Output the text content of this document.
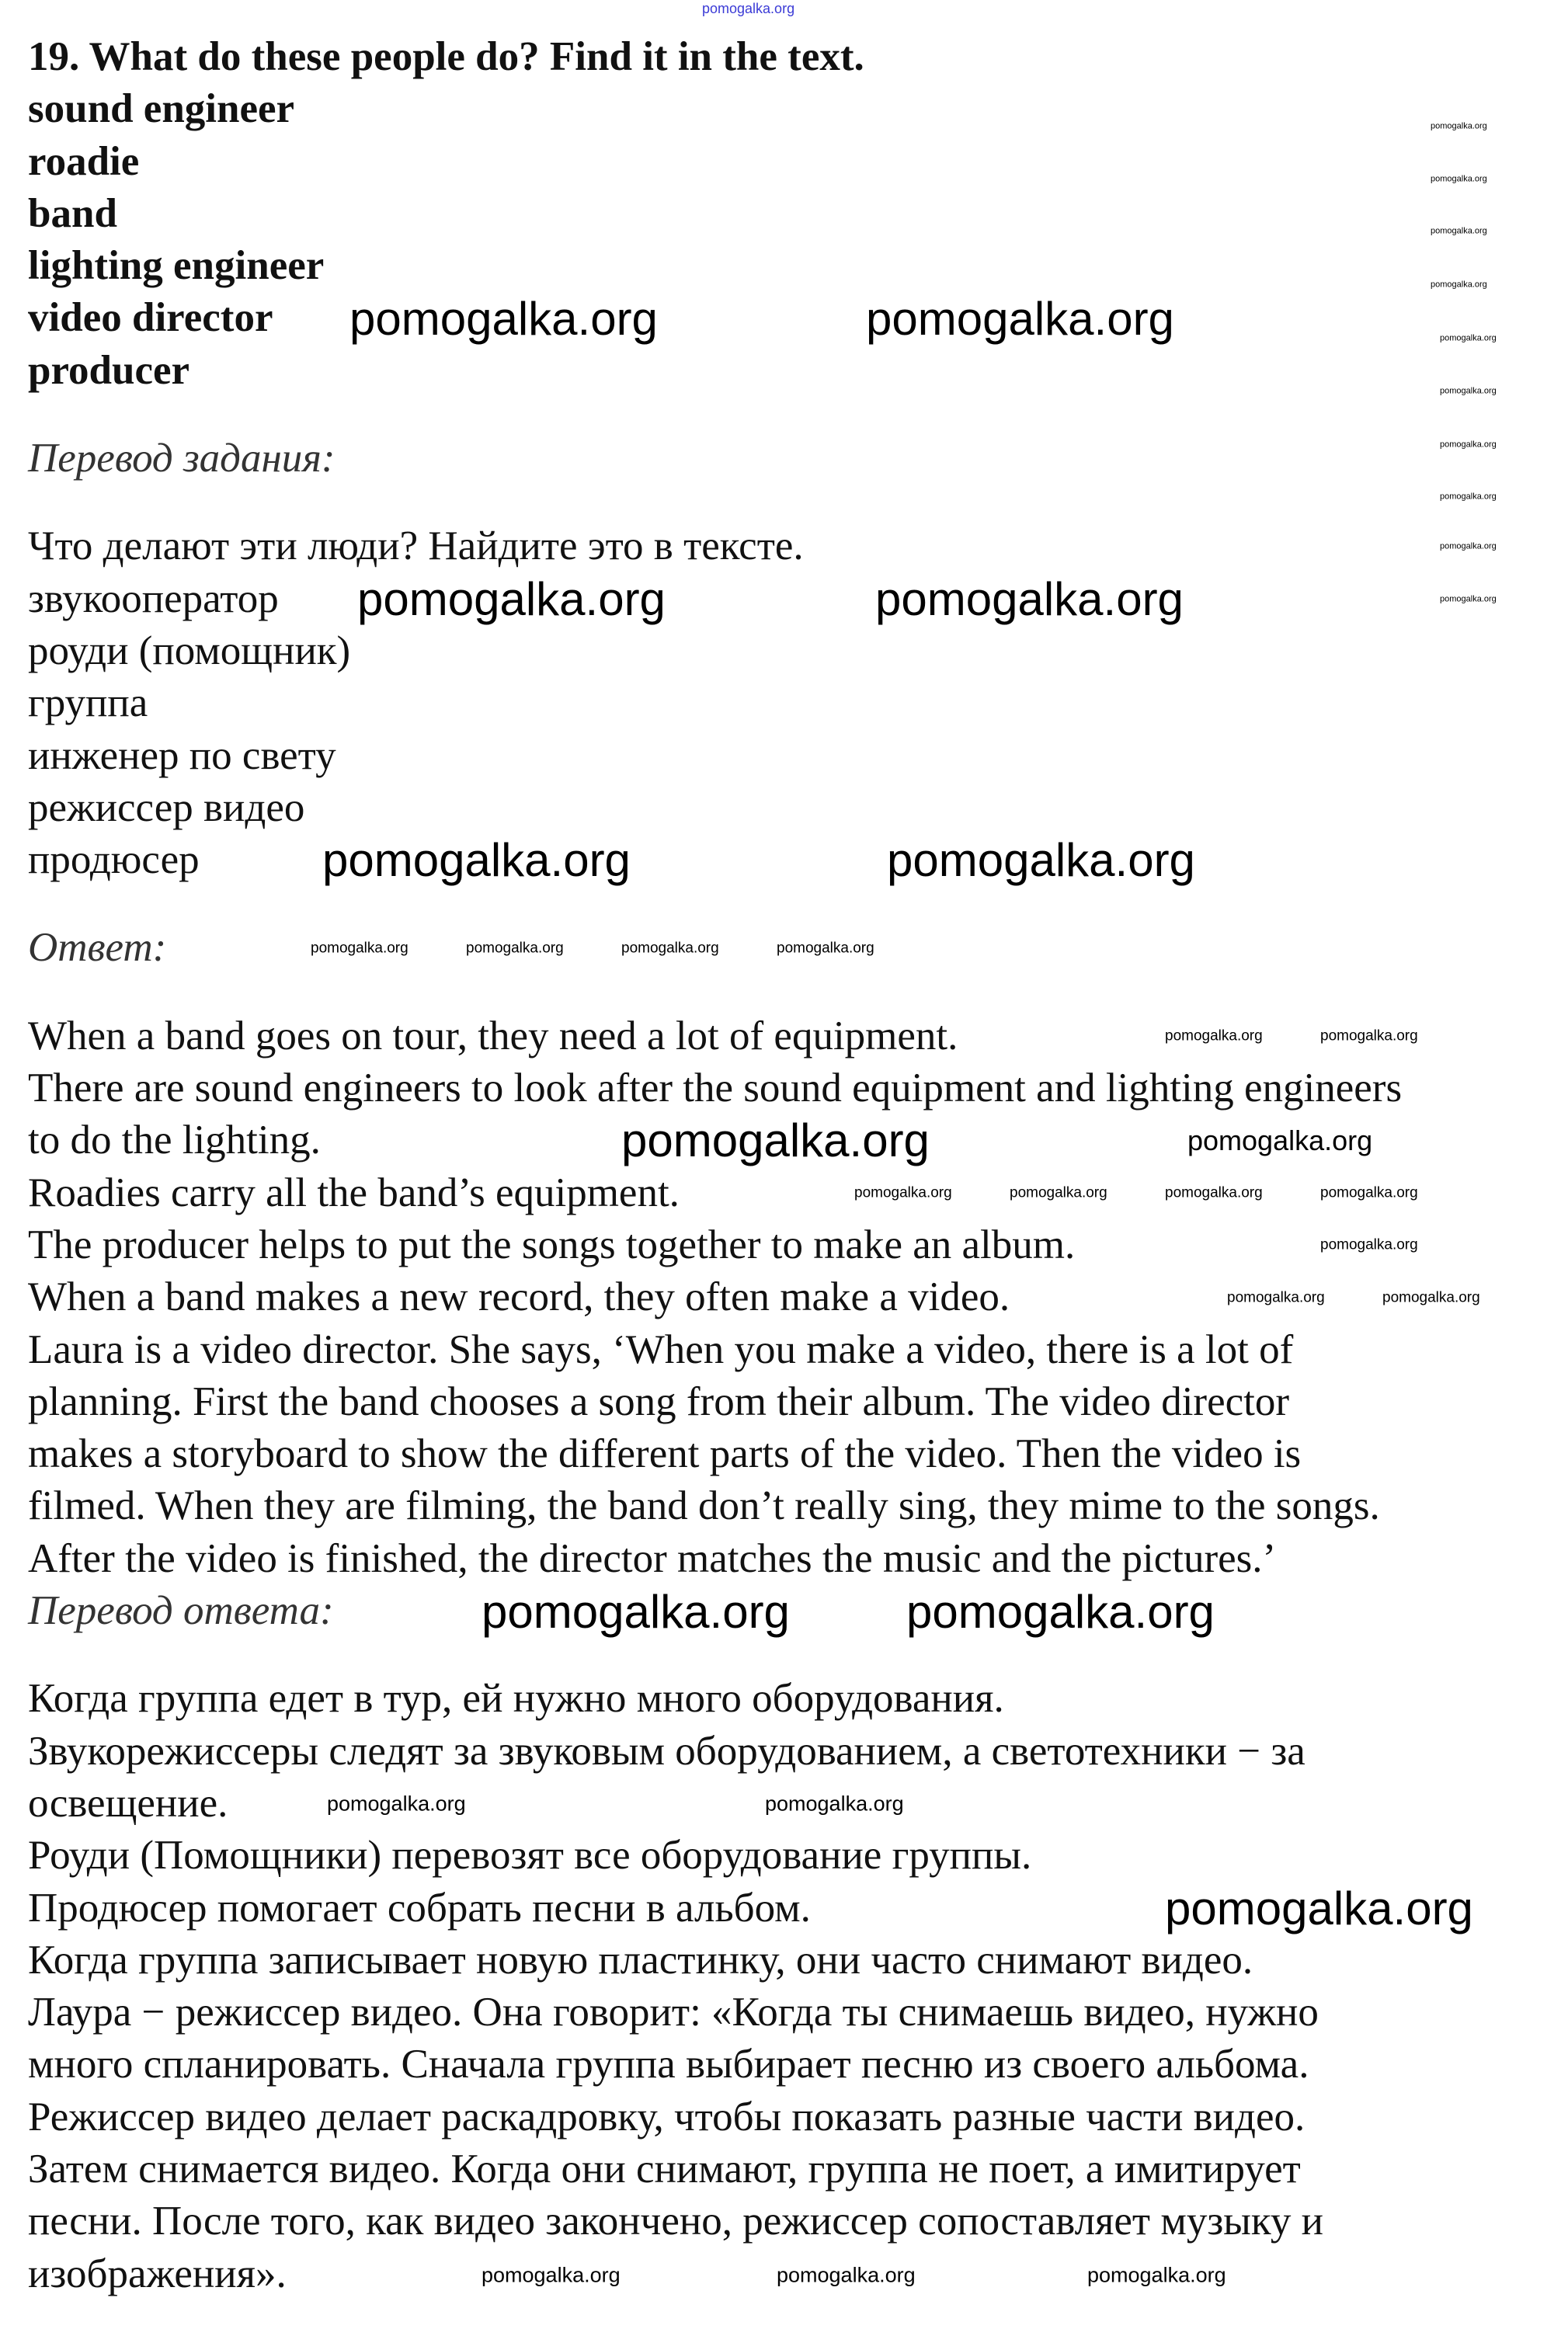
19. What do these people do? Find it in the text.
sound engineer
roadie
band
lighting engineer
video director
producer
Перевод задания:
Что делают эти люди? Найдите это в тексте.
звукооператор
роуди (помощник)
группа
инженер по свету
режиссер видео
продюсер
Ответ:
When a band goes on tour, they need a lot of equipment.
There are sound engineers to look after the sound equipment and lighting engineers
to do the lighting.
Roadies carry all the band’s equipment.
The producer helps to put the songs together to make an album.
When a band makes a new record, they often make a video.
Laura is a video director. She says, ‘When you make a video, there is a lot of
planning. First the band chooses a song from their album. The video director
makes a storyboard to show the different parts of the video. Then the video is
filmed. When they are filming, the band don’t really sing, they mime to the songs.
After the video is finished, the director matches the music and the pictures.’
Перевод ответа:
Когда группа едет в тур, ей нужно много оборудования.
Звукорежиссеры следят за звуковым оборудованием, а светотехники − за
освещение.
Роуди (Помощники) перевозят все оборудование группы.
Продюсер помогает собрать песни в альбом.
Когда группа записывает новую пластинку, они часто снимают видео.
Лаура − режиссер видео. Она говорит: «Когда ты снимаешь видео, нужно
много спланировать. Сначала группа выбирает песню из своего альбома.
Режиссер видео делает раскадровку, чтобы показать разные части видео.
Затем снимается видео. Когда они снимают, группа не поет, а имитирует
песни. После того, как видео закончено, режиссер сопоставляет музыку и
изображения».
pomogalka.org
pomogalka.org	pomogalka.org
pomogalka.org	pomogalka.org
pomogalka.org	pomogalka.org
pomogalka.org
pomogalka.org
pomogalka.org
pomogalka.org
pomogalka.org
pomogalka.org	pomogalka.org
pomogalka.org	pomogalka.org
pomogalka.org
pomogalka.org	pomogalka.org	pomogalka.org	pomogalka.org
pomogalka.org	pomogalka.org
pomogalka.org	pomogalka.org
pomogalka.org
pomogalka.org	pomogalka.org	pomogalka.org	pomogalka.org
pomogalka.org
pomogalka.org
pomogalka.org
pomogalka.org
pomogalka.org
pomogalka.org
pomogalka.org
pomogalka.org
pomogalka.org
pomogalka.org
